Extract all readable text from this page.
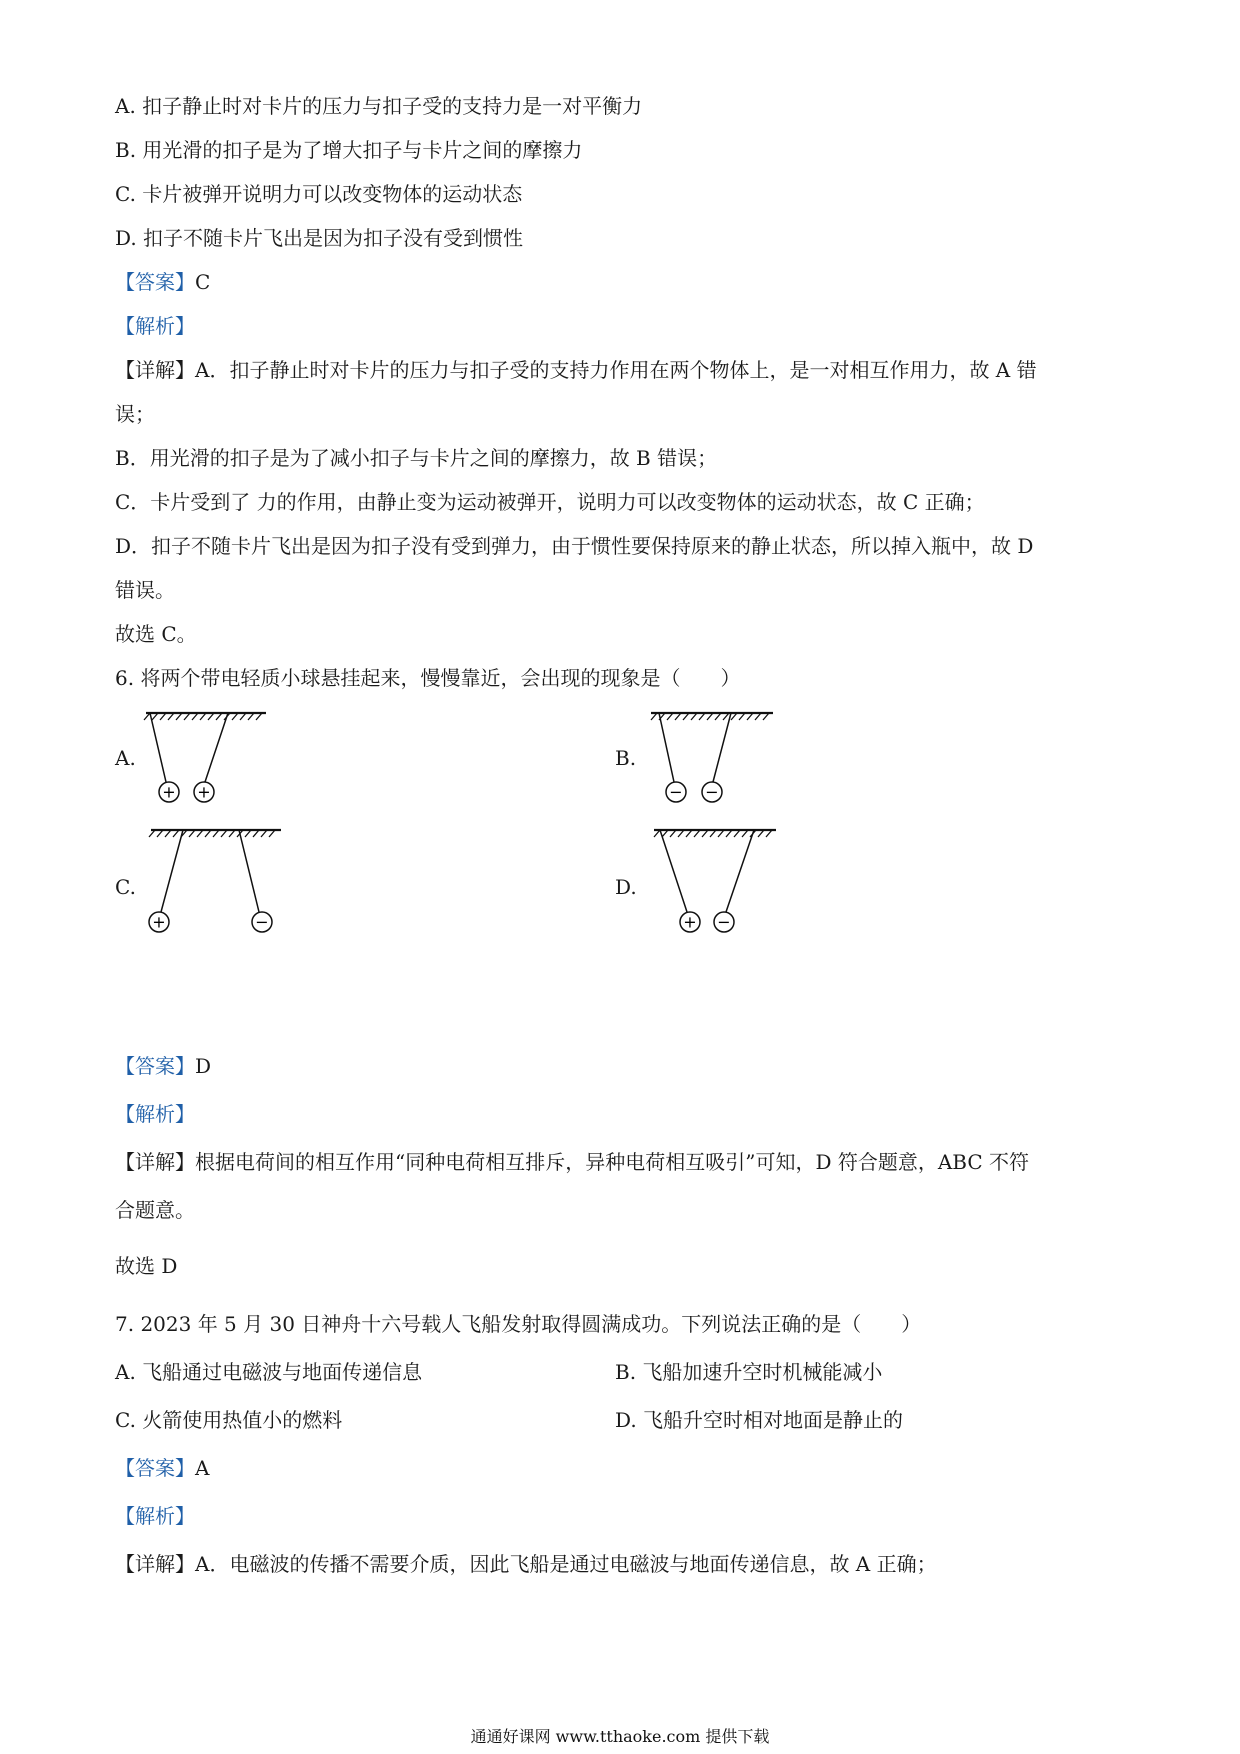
A. 扣子静止时对卡片的压力与扣子受的支持力是一对平衡力
B. 用光滑的扣子是为了增大扣子与卡片之间的摩擦力
C. 卡片被弹开说明力可以改变物体的运动状态
D. 扣子不随卡片飞出是因为扣子没有受到惯性
【答案】C
【解析】
【详解】A．扣子静止时对卡片的压力与扣子受的支持力作用在两个物体上，是一对相互作用力，故 A 错
误；
B．用光滑的扣子是为了减小扣子与卡片之间的摩擦力，故 B 错误；
C．卡片受到了 力的作用，由静止变为运动被弹开，说明力可以改变物体的运动状态，故 C 正确；
D．扣子不随卡片飞出是因为扣子没有受到弹力，由于惯性要保持原来的静止状态，所以掉入瓶中，故 D
错误。
故选 C。
6. 将两个带电轻质小球悬挂起来，慢慢靠近，会出现的现象是（　　）
A.
+ +
B.
− −
C.
+	−
D.
+ −
【答案】D
【解析】
【详解】根据电荷间的相互作用“同种电荷相互排斥，异种电荷相互吸引”可知，D 符合题意，ABC 不符
合题意。
故选 D
7. 2023 年 5 月 30 日神舟十六号载人飞船发射取得圆满成功。下列说法正确的是（　　）
A. 飞船通过电磁波与地面传递信息	B. 飞船加速升空时机械能减小
C. 火箭使用热值小的燃料	D. 飞船升空时相对地面是静止的
【答案】A
【解析】
【详解】A．电磁波的传播不需要介质，因此飞船是通过电磁波与地面传递信息，故 A 正确；
通通好课网 www.tthaoke.com 提供下载
